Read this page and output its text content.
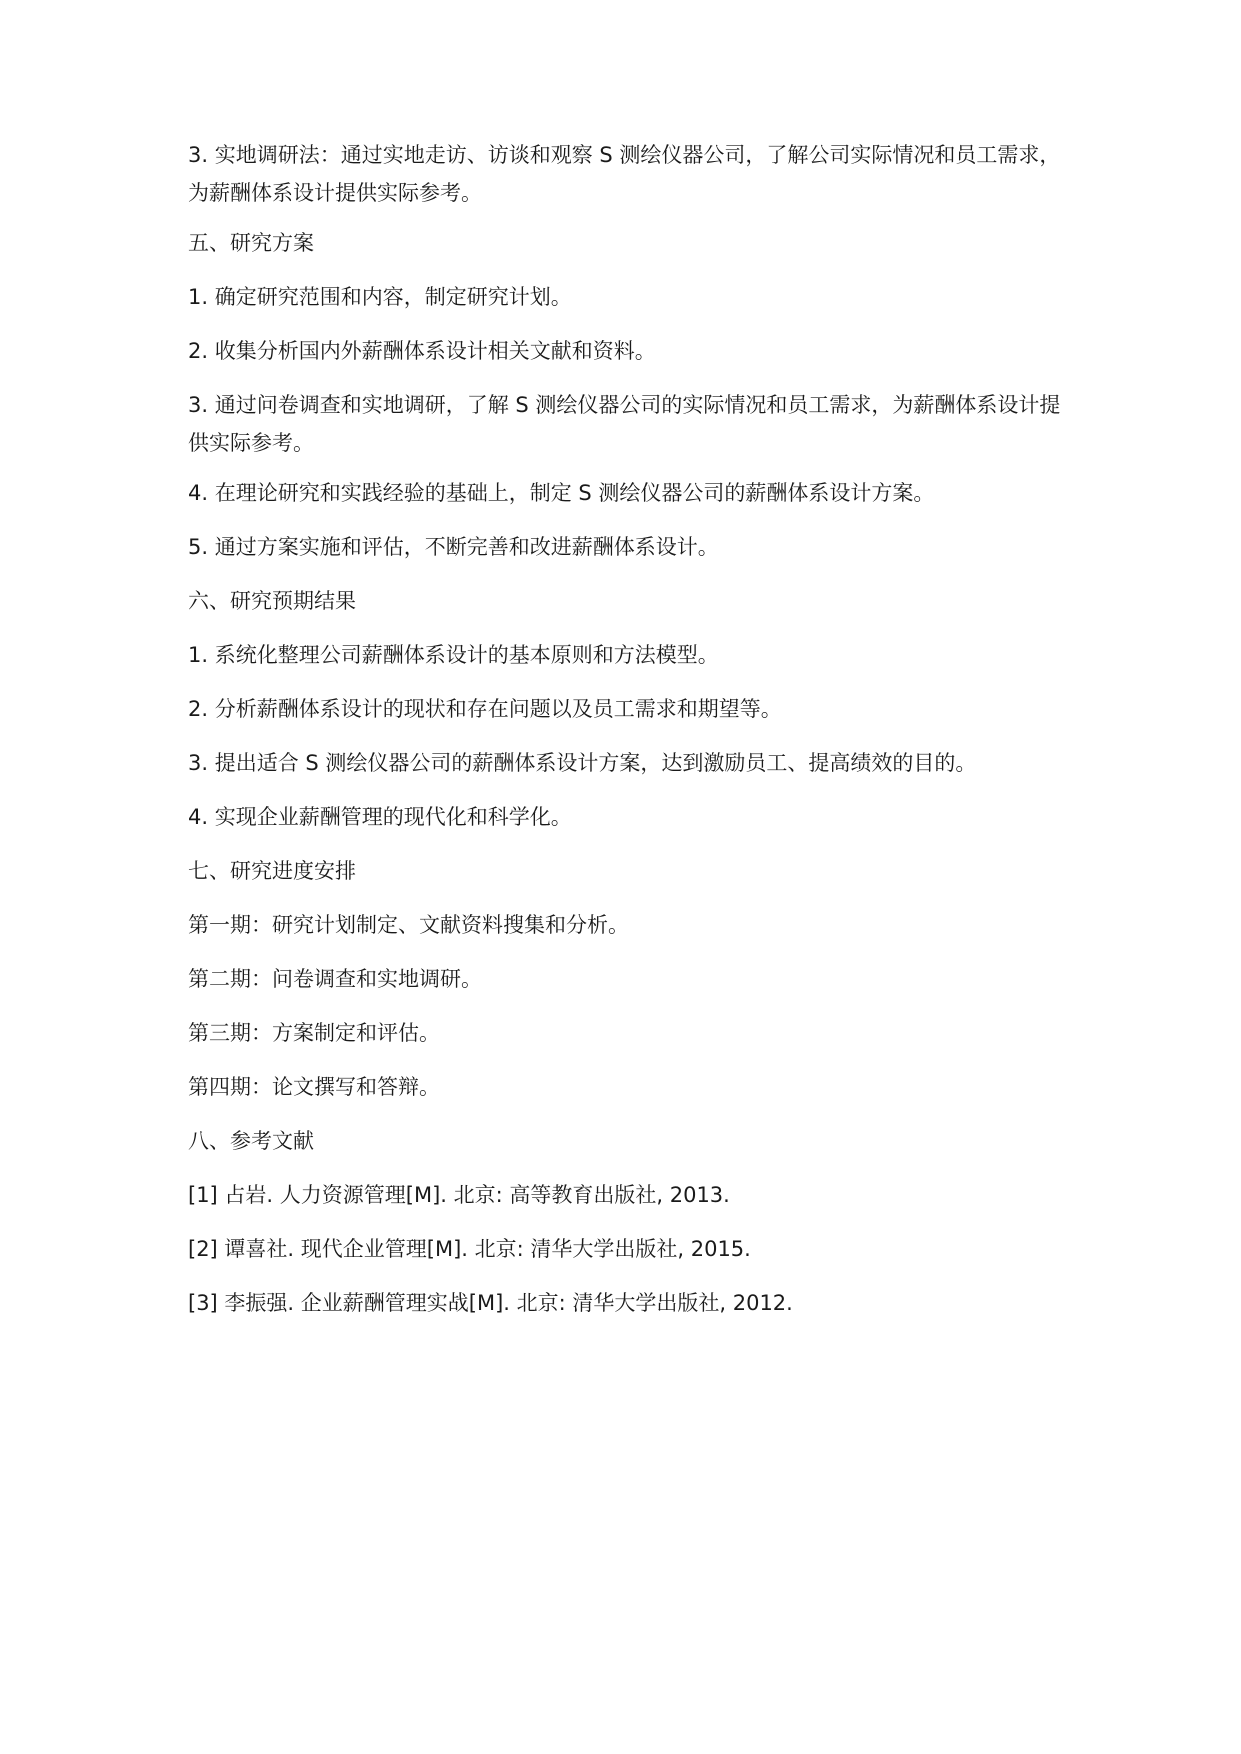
3. 实地调研法：通过实地走访、访谈和观察 S 测绘仪器公司，了解公司实际情况和员工需求，为薪酬体系设计提供实际参考。
五、研究方案
1. 确定研究范围和内容，制定研究计划。
2. 收集分析国内外薪酬体系设计相关文献和资料。
3. 通过问卷调查和实地调研，了解 S 测绘仪器公司的实际情况和员工需求，为薪酬体系设计提供实际参考。
4. 在理论研究和实践经验的基础上，制定 S 测绘仪器公司的薪酬体系设计方案。
5. 通过方案实施和评估，不断完善和改进薪酬体系设计。
六、研究预期结果
1. 系统化整理公司薪酬体系设计的基本原则和方法模型。
2. 分析薪酬体系设计的现状和存在问题以及员工需求和期望等。
3. 提出适合 S 测绘仪器公司的薪酬体系设计方案，达到激励员工、提高绩效的目的。
4. 实现企业薪酬管理的现代化和科学化。
七、研究进度安排
第一期：研究计划制定、文献资料搜集和分析。
第二期：问卷调查和实地调研。
第三期：方案制定和评估。
第四期：论文撰写和答辩。
八、参考文献
[1] 占岩. 人力资源管理[M]. 北京: 高等教育出版社, 2013.
[2] 谭喜社. 现代企业管理[M]. 北京: 清华大学出版社, 2015.
[3] 李振强. 企业薪酬管理实战[M]. 北京: 清华大学出版社, 2012.
